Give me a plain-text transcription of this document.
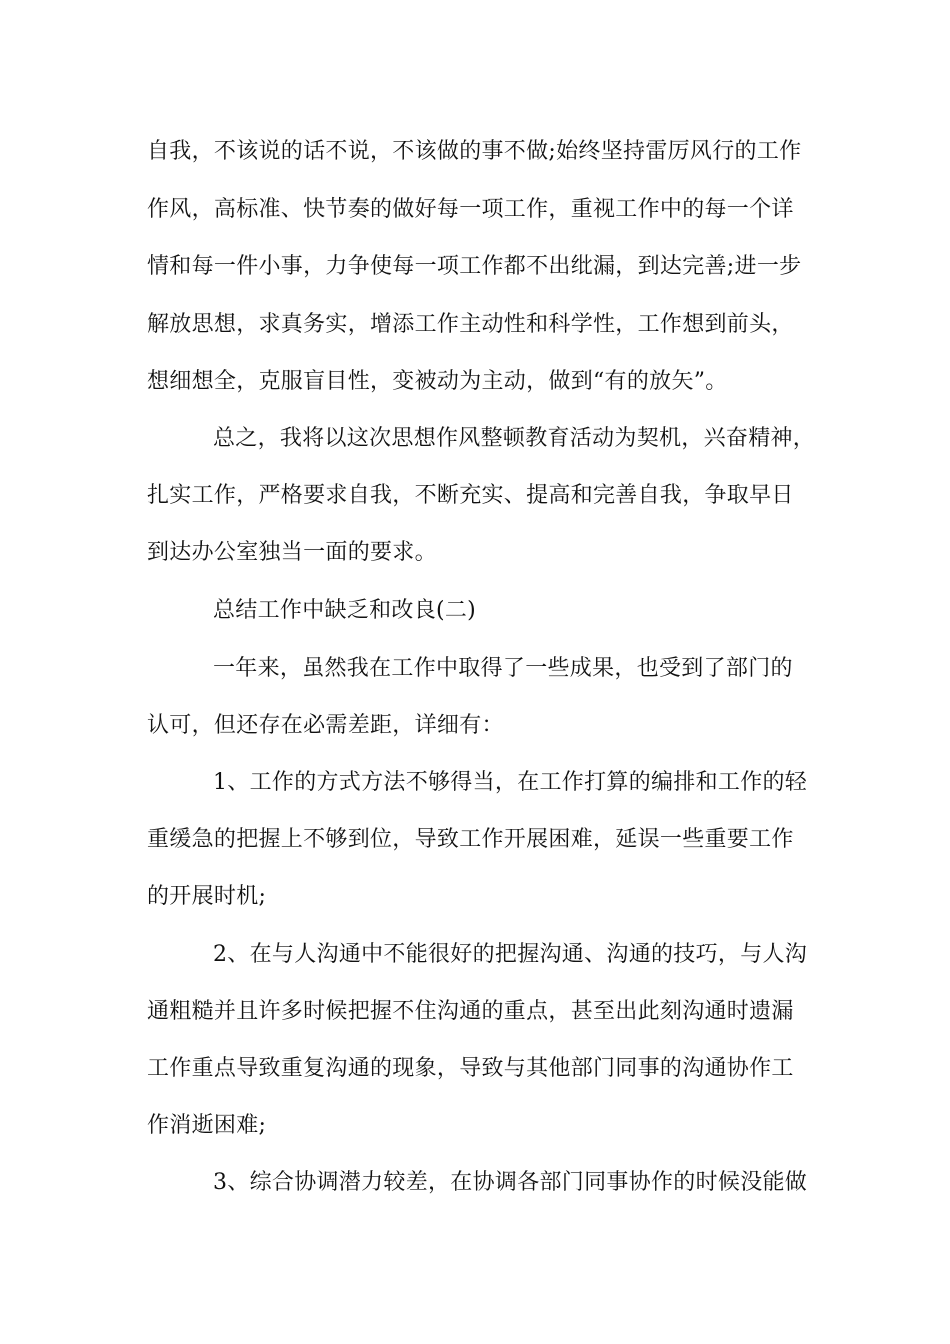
自我，不该说的话不说，不该做的事不做;始终坚持雷厉风行的工作
作风，高标准、快节奏的做好每一项工作，重视工作中的每一个详
情和每一件小事，力争使每一项工作都不出纰漏，到达完善;进一步
解放思想，求真务实，增添工作主动性和科学性，工作想到前头，
想细想全，克服盲目性，变被动为主动，做到“有的放矢”。
总之，我将以这次思想作风整顿教育活动为契机，兴奋精神，
扎实工作，严格要求自我，不断充实、提高和完善自我，争取早日
到达办公室独当一面的要求。
总结工作中缺乏和改良(二)
一年来，虽然我在工作中取得了一些成果，也受到了部门的
认可，但还存在必需差距，详细有：
1、工作的方式方法不够得当，在工作打算的编排和工作的轻
重缓急的把握上不够到位，导致工作开展困难，延误一些重要工作
的开展时机;
2、在与人沟通中不能很好的把握沟通、沟通的技巧，与人沟
通粗糙并且许多时候把握不住沟通的重点，甚至出此刻沟通时遗漏
工作重点导致重复沟通的现象，导致与其他部门同事的沟通协作工
作消逝困难;
3、综合协调潜力较差，在协调各部门同事协作的时候没能做
